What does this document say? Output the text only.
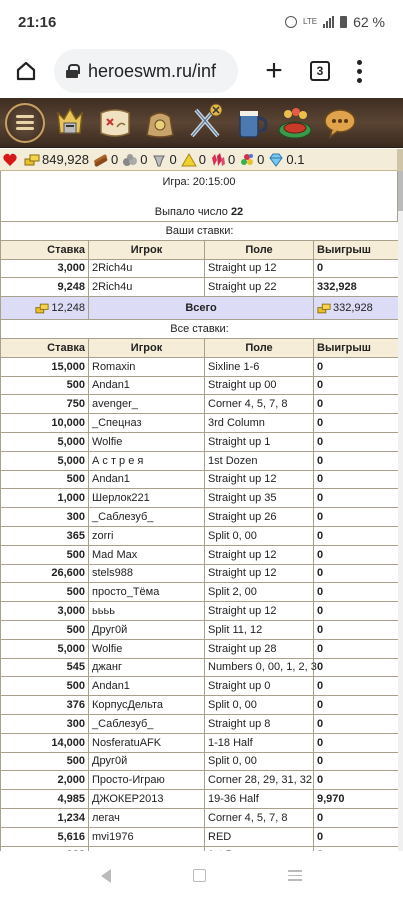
21:16	LTE	62 %
heroeswm.ru/inf +	3
849,928 0 0 0 0 0 0 0.1
Игра: 20:15:00
Выпало число 22
Ваши ставки:			
Ставка	Игрок	Поле	Выигрыш
3,000	2Rich4u	Straight up 12	0
9,248	2Rich4u	Straight up 22	332,928
12,248	Всего		332,928
Все ставки:			
Ставка	Игрок	Поле	Выигрыш
15,000	Romaxin	Sixline 1-6	0
500	Andan1	Straight up 00	0
750	avenger_	Corner 4, 5, 7, 8	0
10,000	_Спецназ	3rd Column	0
5,000	Wolfie	Straight up 1	0
5,000	А с т р е я	1st Dozen	0
500	Andan1	Straight up 12	0
1,000	Шерлок221	Straight up 35	0
300	_Саблезуб_	Straight up 26	0
365	zorri	Split 0, 00	0
500	Mad Max	Straight up 12	0
26,600	stels988	Straight up 12	0
500	просто_Тёма	Split 2, 00	0
3,000	ьььь	Straight up 12	0
500	Друг0й	Split 11, 12	0
5,000	Wolfie	Straight up 28	0
545	джанг	Numbers 0, 00, 1, 2, 3	0
500	Andan1	Straight up 0	0
376	КорпусДельта	Split 0, 00	0
300	_Саблезуб_	Straight up 8	0
14,000	NosferatuAFK	1-18 Half	0
500	Друг0й	Split 0, 00	0
2,000	Просто-Играю	Corner 28, 29, 31, 32	0
4,985	ДЖОКЕР2013	19-36 Half	9,970
1,234	легач	Corner 4, 5, 7, 8	0
5,616	mvi1976	RED	0
